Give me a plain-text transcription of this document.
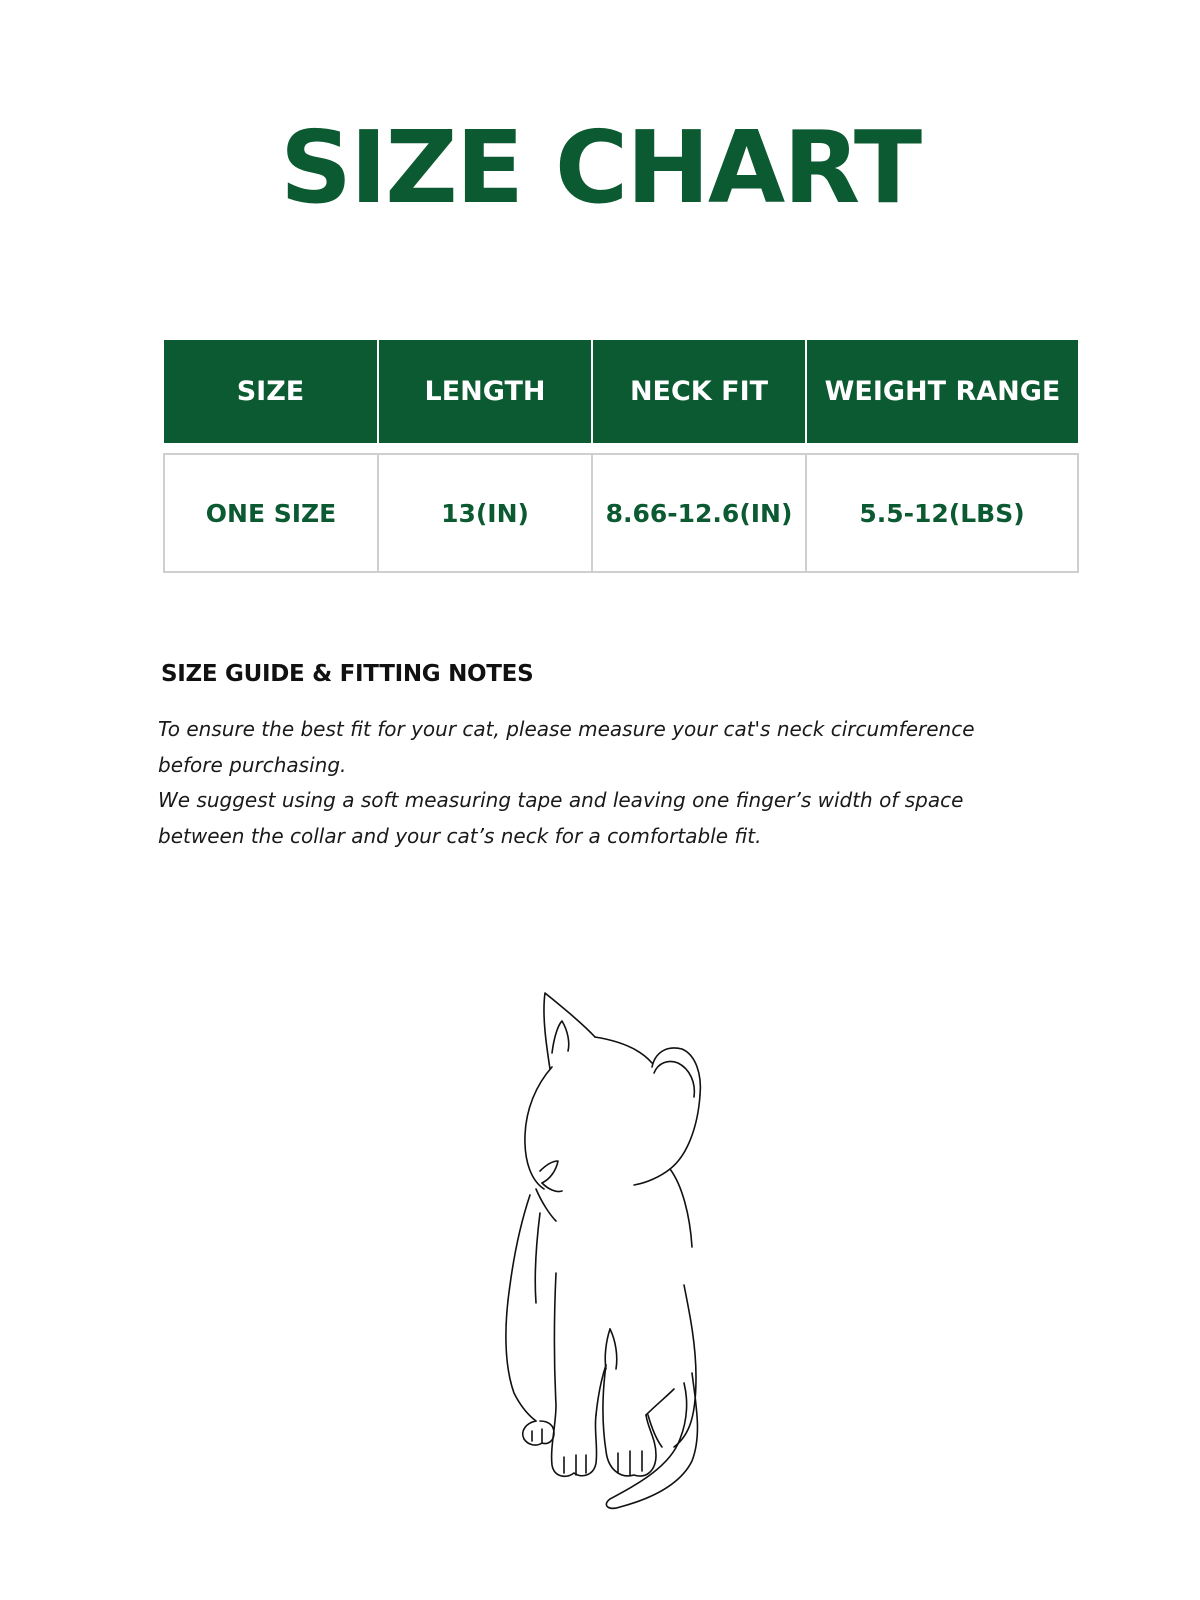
SIZE CHART
SIZE	LENGTH	NECK FIT	WEIGHT RANGE

ONE SIZE	13(IN)	8.66-12.6(IN)	5.5-12(LBS)
SIZE GUIDE & FITTING NOTES

To ensure the best fit for your cat, please measure your cat's neck circumference before purchasing.

We suggest using a soft measuring tape and leaving one finger’s width of space between the collar and your cat’s neck for a comfortable fit.
